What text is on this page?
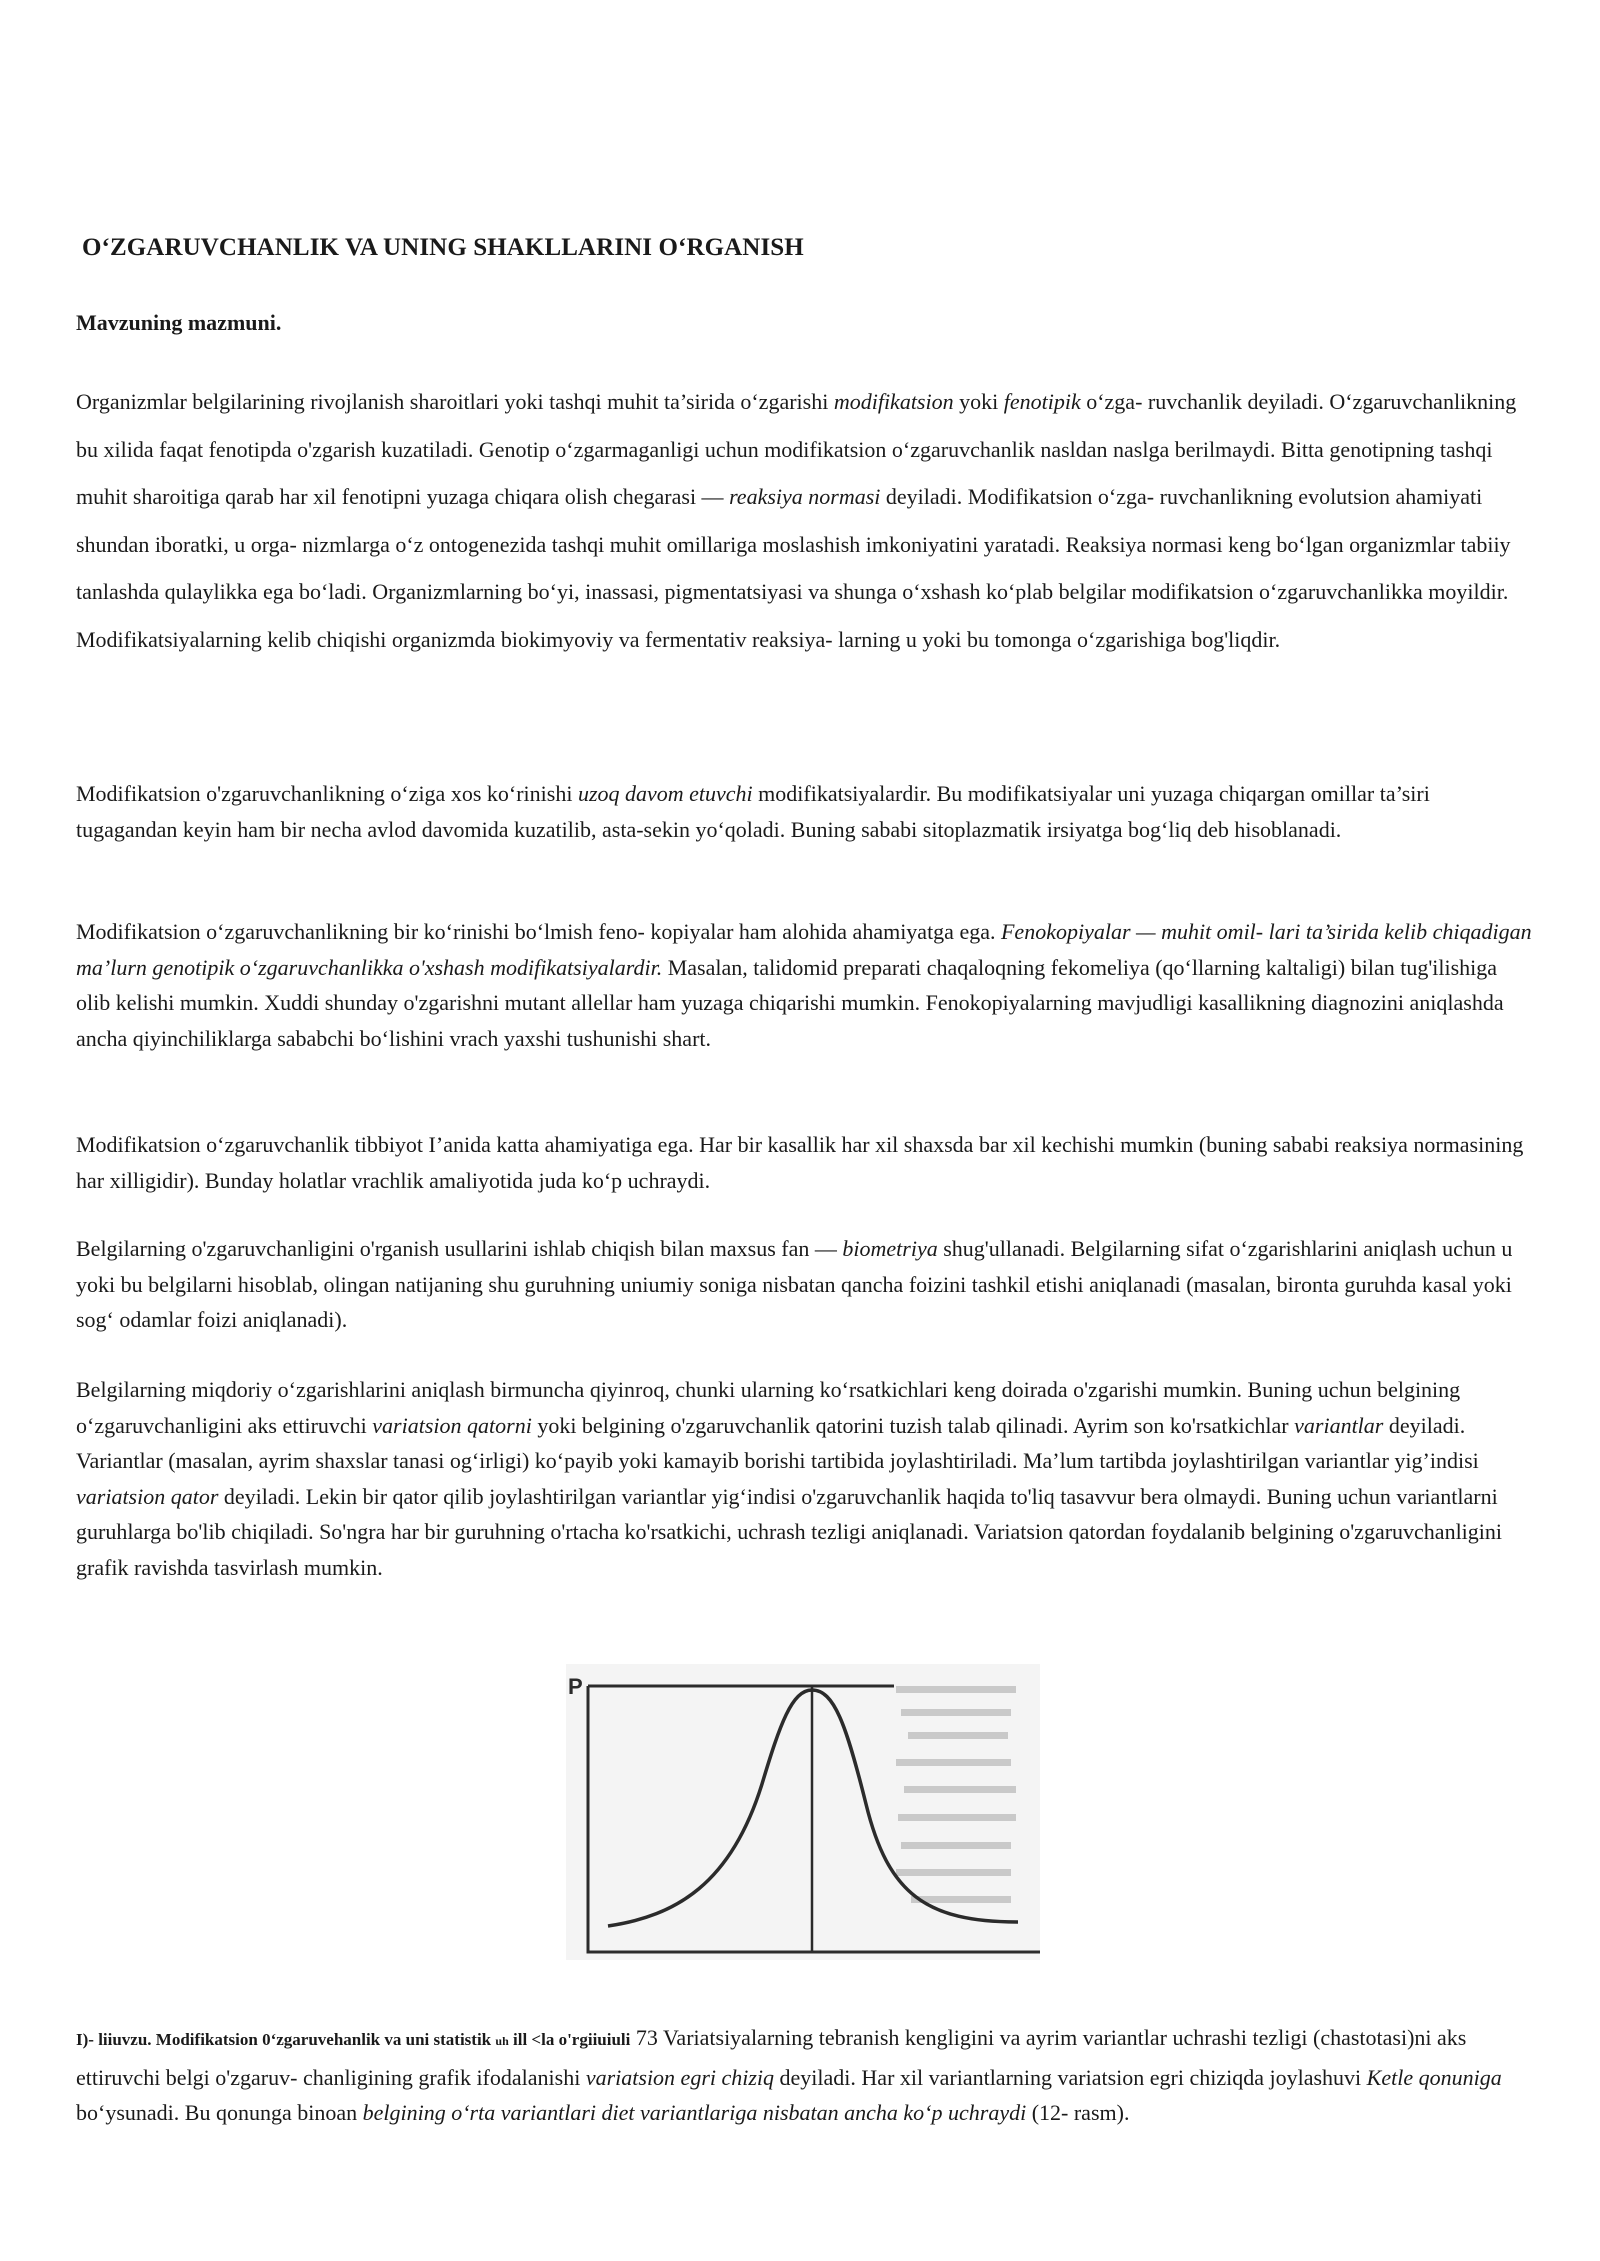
O‘ZGARUVCHANLIK VA UNING SHAKLLARINI O‘RGANISH
Mavzuning mazmuni.

Organizmlar belgilarining rivojlanish sharoitlari yoki tashqi muhit ta’sirida o‘zgarishi modifikatsion yoki fenotipik o‘zga- ruvchanlik deyiladi. O‘zgaruvchanlikning bu xilida faqat fenotipda o'zgarish kuzatiladi. Genotip o‘zgarmaganligi uchun modifikatsion o‘zgaruvchanlik nasldan naslga berilmaydi. Bitta genotipning tashqi muhit sharoitiga qarab har xil fenotipni yuzaga chiqara olish chegarasi — reaksiya normasi deyiladi. Modifikatsion o‘zga- ruvchanlikning evolutsion ahamiyati shundan iboratki, u orga- nizmlarga o‘z ontogenezida tashqi muhit omillariga moslashish imkoniyatini yaratadi. Reaksiya normasi keng bo‘lgan organizmlar tabiiy tanlashda qulaylikka ega bo‘ladi. Organizmlarning bo‘yi, inassasi, pigmentatsiyasi va shunga o‘xshash ko‘plab belgilar modifikatsion o‘zgaruvchanlikka moyildir. Modifikatsiyalarning kelib chiqishi organizmda biokimyoviy va fermentativ reaksiya- larning u yoki bu tomonga o‘zgarishiga bog'liqdir.

Modifikatsion o'zgaruvchanlikning o‘ziga xos ko‘rinishi uzoq davom etuvchi modifikatsiyalardir. Bu modifikatsiyalar uni yuzaga chiqargan omillar ta’siri tugagandan keyin ham bir necha avlod davomida kuzatilib, asta-sekin yo‘qoladi. Buning sababi sitoplazmatik irsiyatga bog‘liq deb hisoblanadi.

Modifikatsion o‘zgaruvchanlikning bir ko‘rinishi bo‘lmish feno- kopiyalar ham alohida ahamiyatga ega. Fenokopiyalar — muhit omil- lari ta’sirida kelib chiqadigan ma’lurn genotipik o‘zgaruvchanlikka o'xshash modifikatsiyalardir. Masalan, talidomid preparati chaqaloqning fekomeliya (qo‘llarning kaltaligi) bilan tug'ilishiga olib kelishi mumkin. Xuddi shunday o'zgarishni mutant allellar ham yuzaga chiqarishi mumkin. Fenokopiyalarning mavjudligi kasallikning diagnozini aniqlashda ancha qiyinchiliklarga sababchi bo‘lishini vrach yaxshi tushunishi shart.

Modifikatsion o‘zgaruvchanlik tibbiyot I’anida katta ahamiyatiga ega. Har bir kasallik har xil shaxsda bar xil kechishi mumkin (buning sababi reaksiya normasining har xilligidir). Bunday holatlar vrachlik amaliyotida juda ko‘p uchraydi.

Belgilarning o'zgaruvchanligini o'rganish usullarini ishlab chiqish bilan maxsus fan — biometriya shug'ullanadi. Belgilarning sifat o‘zgarishlarini aniqlash uchun u yoki bu belgilarni hisoblab, olingan natijaning shu guruhning uniumiy soniga nisbatan qancha foizini tashkil etishi aniqlanadi (masalan, bironta guruhda kasal yoki sog‘ odamlar foizi aniqlanadi).

Belgilarning miqdoriy o‘zgarishlarini aniqlash birmuncha qiyinroq, chunki ularning ko‘rsatkichlari keng doirada o'zgarishi mumkin. Buning uchun belgining o‘zgaruvchanligini aks ettiruvchi variatsion qatorni yoki belgining o'zgaruvchanlik qatorini tuzish talab qilinadi. Ayrim son ko'rsatkichlar variantlar deyiladi. Variantlar (masalan, ayrim shaxslar tanasi og‘irligi) ko‘payib yoki kamayib borishi tartibida joylashtiriladi. Ma’lum tartibda joylashtirilgan variantlar yig’indisi variatsion qator deyiladi. Lekin bir qator qilib joylashtirilgan variantlar yig‘indisi o'zgaruvchanlik haqida to'liq tasavvur bera olmaydi. Buning uchun variantlarni guruhlarga bo'lib chiqiladi. So'ngra har bir guruhning o'rtacha ko'rsatkichi, uchrash tezligi aniqlanadi. Variatsion qatordan foydalanib belgining o'zgaruvchanligini grafik ravishda tasvirlash mumkin.

I)- liiuvzu. Modifikatsion 0‘zgaruvehanlik va uni statistik uh ill <la o'rgiiuiuli 73 Variatsiyalarning tebranish kengligini va ayrim variantlar uchrashi tezligi (chastotasi)ni aks ettiruvchi belgi o'zgaruv- chanligining grafik ifodalanishi variatsion egri chiziq deyiladi. Har xil variantlarning variatsion egri chiziqda joylashuvi Ketle qonuniga bo‘ysunadi. Bu qonunga binoan belgining o‘rta variantlari diet variantlariga nisbatan ancha ko‘p uchraydi (12- rasm).

P
